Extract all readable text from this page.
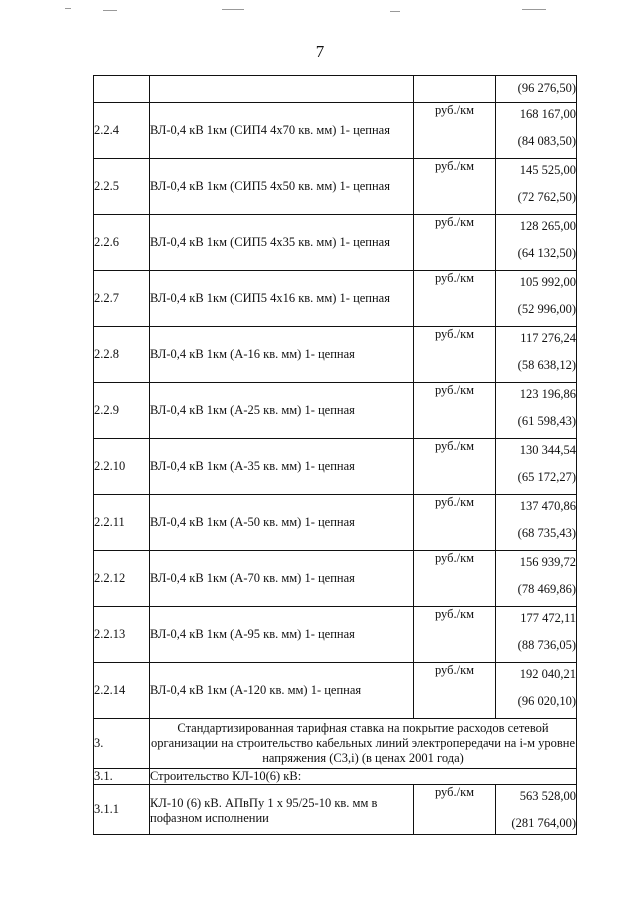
7
			(96 276,50)
2.2.4	ВЛ-0,4 кВ 1км (СИП4 4х70 кв. мм) 1- цепная	руб./км	168 167,00
(84 083,50)

2.2.5	ВЛ-0,4 кВ 1км (СИП5 4х50 кв. мм) 1- цепная	руб./км	145 525,00
(72 762,50)

2.2.6	ВЛ-0,4 кВ 1км (СИП5 4х35 кв. мм) 1- цепная	руб./км	128 265,00
(64 132,50)

2.2.7	ВЛ-0,4 кВ 1км (СИП5 4х16 кв. мм) 1- цепная	руб./км	105 992,00
(52 996,00)

2.2.8	ВЛ-0,4 кВ 1км (А-16 кв. мм) 1- цепная	руб./км	117 276,24
(58 638,12)

2.2.9	ВЛ-0,4 кВ 1км (А-25 кв. мм) 1- цепная	руб./км	123 196,86
(61 598,43)

2.2.10	ВЛ-0,4 кВ 1км (А-35 кв. мм) 1- цепная	руб./км	130 344,54
(65 172,27)

2.2.11	ВЛ-0,4 кВ 1км (А-50 кв. мм) 1- цепная	руб./км	137 470,86
(68 735,43)

2.2.12	ВЛ-0,4 кВ 1км (А-70 кв. мм) 1- цепная	руб./км	156 939,72
(78 469,86)

2.2.13	ВЛ-0,4 кВ 1км (А-95 кв. мм) 1- цепная	руб./км	177 472,11
(88 736,05)

2.2.14	ВЛ-0,4 кВ 1км (А-120 кв. мм) 1- цепная	руб./км	192 040,21
(96 020,10)

3.	Стандартизированная тарифная ставка на покрытие расходов сетевой организации на строительство кабельных линий электропередачи на i-м уровне напряжения (С3,i) (в ценах 2001 года)		
3.1.	Строительство КЛ-10(6) кВ:		
3.1.1	КЛ-10 (6) кВ. АПвПу 1 х 95/25-10 кв. мм в пофазном исполнении	руб./км	563 528,00
(281 764,00)
